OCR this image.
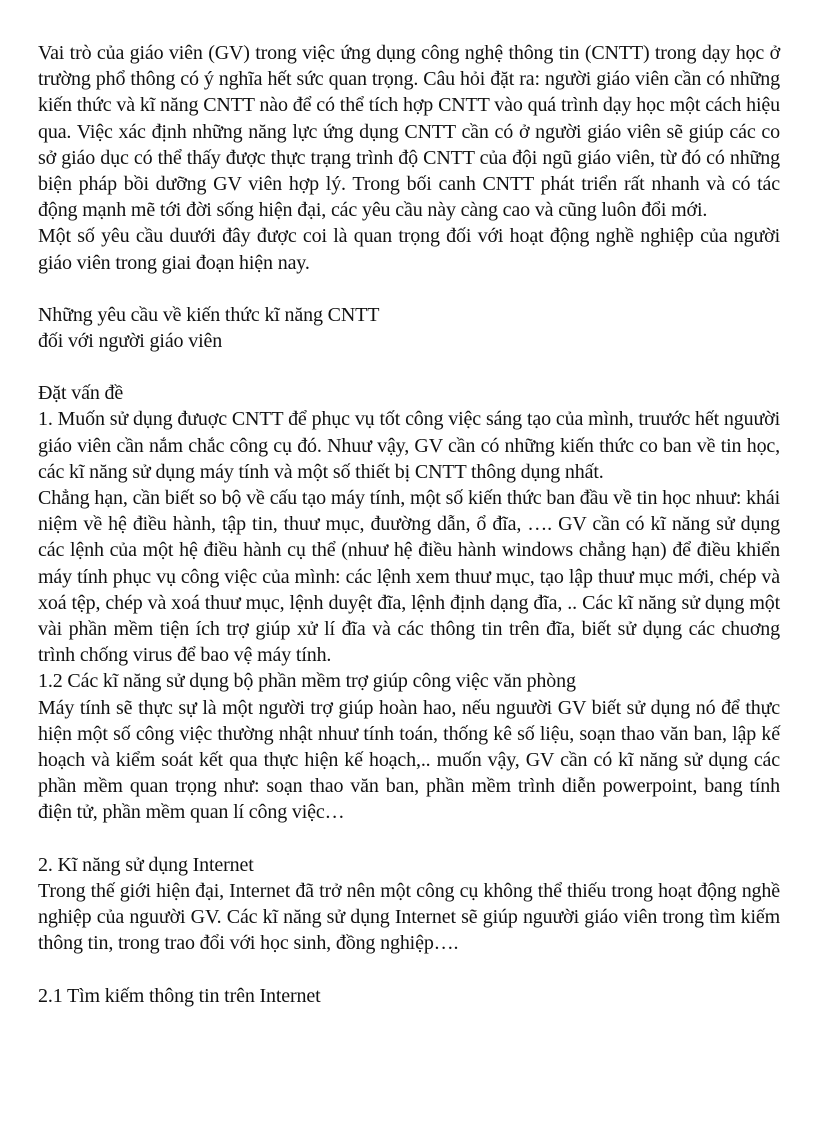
Vai trò của giáo viên (GV) trong việc ứng dụng công nghệ thông tin (CNTT) trong dạy học ở trường phổ thông có ý nghĩa hết sức quan trọng. Câu hỏi đặt ra: người giáo viên cần có những kiến thức và kĩ năng CNTT nào để có thể tích hợp CNTT vào quá trình dạy học một cách hiệu qua. Việc xác định những năng lực ứng dụng CNTT cần có ở người giáo viên sẽ giúp các co sở giáo dục có thể thấy được thực trạng trình độ CNTT của đội ngũ giáo viên, từ đó có những biện pháp bồi dưỡng GV viên hợp lý. Trong bối canh CNTT phát triển rất nhanh và có tác động mạnh mẽ tới đời sống hiện đại, các yêu cầu này càng cao và cũng luôn đổi mới.

Một số yêu cầu duưới đây được coi là quan trọng đối với hoạt động nghề nghiệp của người giáo viên trong giai đoạn hiện nay.

Những yêu cầu về kiến thức kĩ năng CNTT

đối với người giáo viên

Đặt vấn đề

1. Muốn sử dụng đưuợc CNTT để phục vụ tốt công việc sáng tạo của mình, truước hết nguười giáo viên cần nắm chắc công cụ đó. Nhuư vậy, GV cần có những kiến thức co ban về tin học, các kĩ năng sử dụng máy tính và một số thiết bị CNTT thông dụng nhất.

Chẳng hạn, cần biết so bộ về cấu tạo máy tính, một số kiến thức ban đầu về tin học nhuư: khái niệm về hệ điều hành, tập tin, thuư mục, đuường dẫn, ổ đĩa, …. GV cần có kĩ năng sử dụng các lệnh của một hệ điều hành cụ thể (nhuư hệ điều hành windows chẳng hạn) để điều khiển máy tính phục vụ công việc của mình: các lệnh xem thuư mục, tạo lập thuư mục mới, chép và xoá tệp, chép và xoá thuư mục, lệnh duyệt đĩa, lệnh định dạng đĩa, .. Các kĩ năng sử dụng một vài phần mềm tiện ích trợ giúp xử lí đĩa và các thông tin trên đĩa, biết sử dụng các chuơng trình chống virus để bao vệ máy tính.

1.2 Các kĩ năng sử dụng bộ phần mềm trợ giúp công việc văn phòng

Máy tính sẽ thực sự là một người trợ giúp hoàn hao, nếu nguười GV biết sử dụng nó để thực hiện một số công việc thường nhật nhuư tính toán, thống kê số liệu, soạn thao văn ban, lập kế hoạch và kiểm soát kết qua thực hiện kế hoạch,.. muốn vậy, GV cần có kĩ năng sử dụng các phần mềm quan trọng như: soạn thao văn ban, phần mềm trình diễn powerpoint, bang tính điện tử, phần mềm quan lí công việc…

2. Kĩ năng sử dụng Internet

Trong thế giới hiện đại, Internet đã trở nên một công cụ không thể thiếu trong hoạt động nghề nghiệp của nguười GV. Các kĩ năng sử dụng Internet sẽ giúp nguười giáo viên trong tìm kiếm thông tin, trong trao đổi với học sinh, đồng nghiệp….

2.1 Tìm kiếm thông tin trên Internet
